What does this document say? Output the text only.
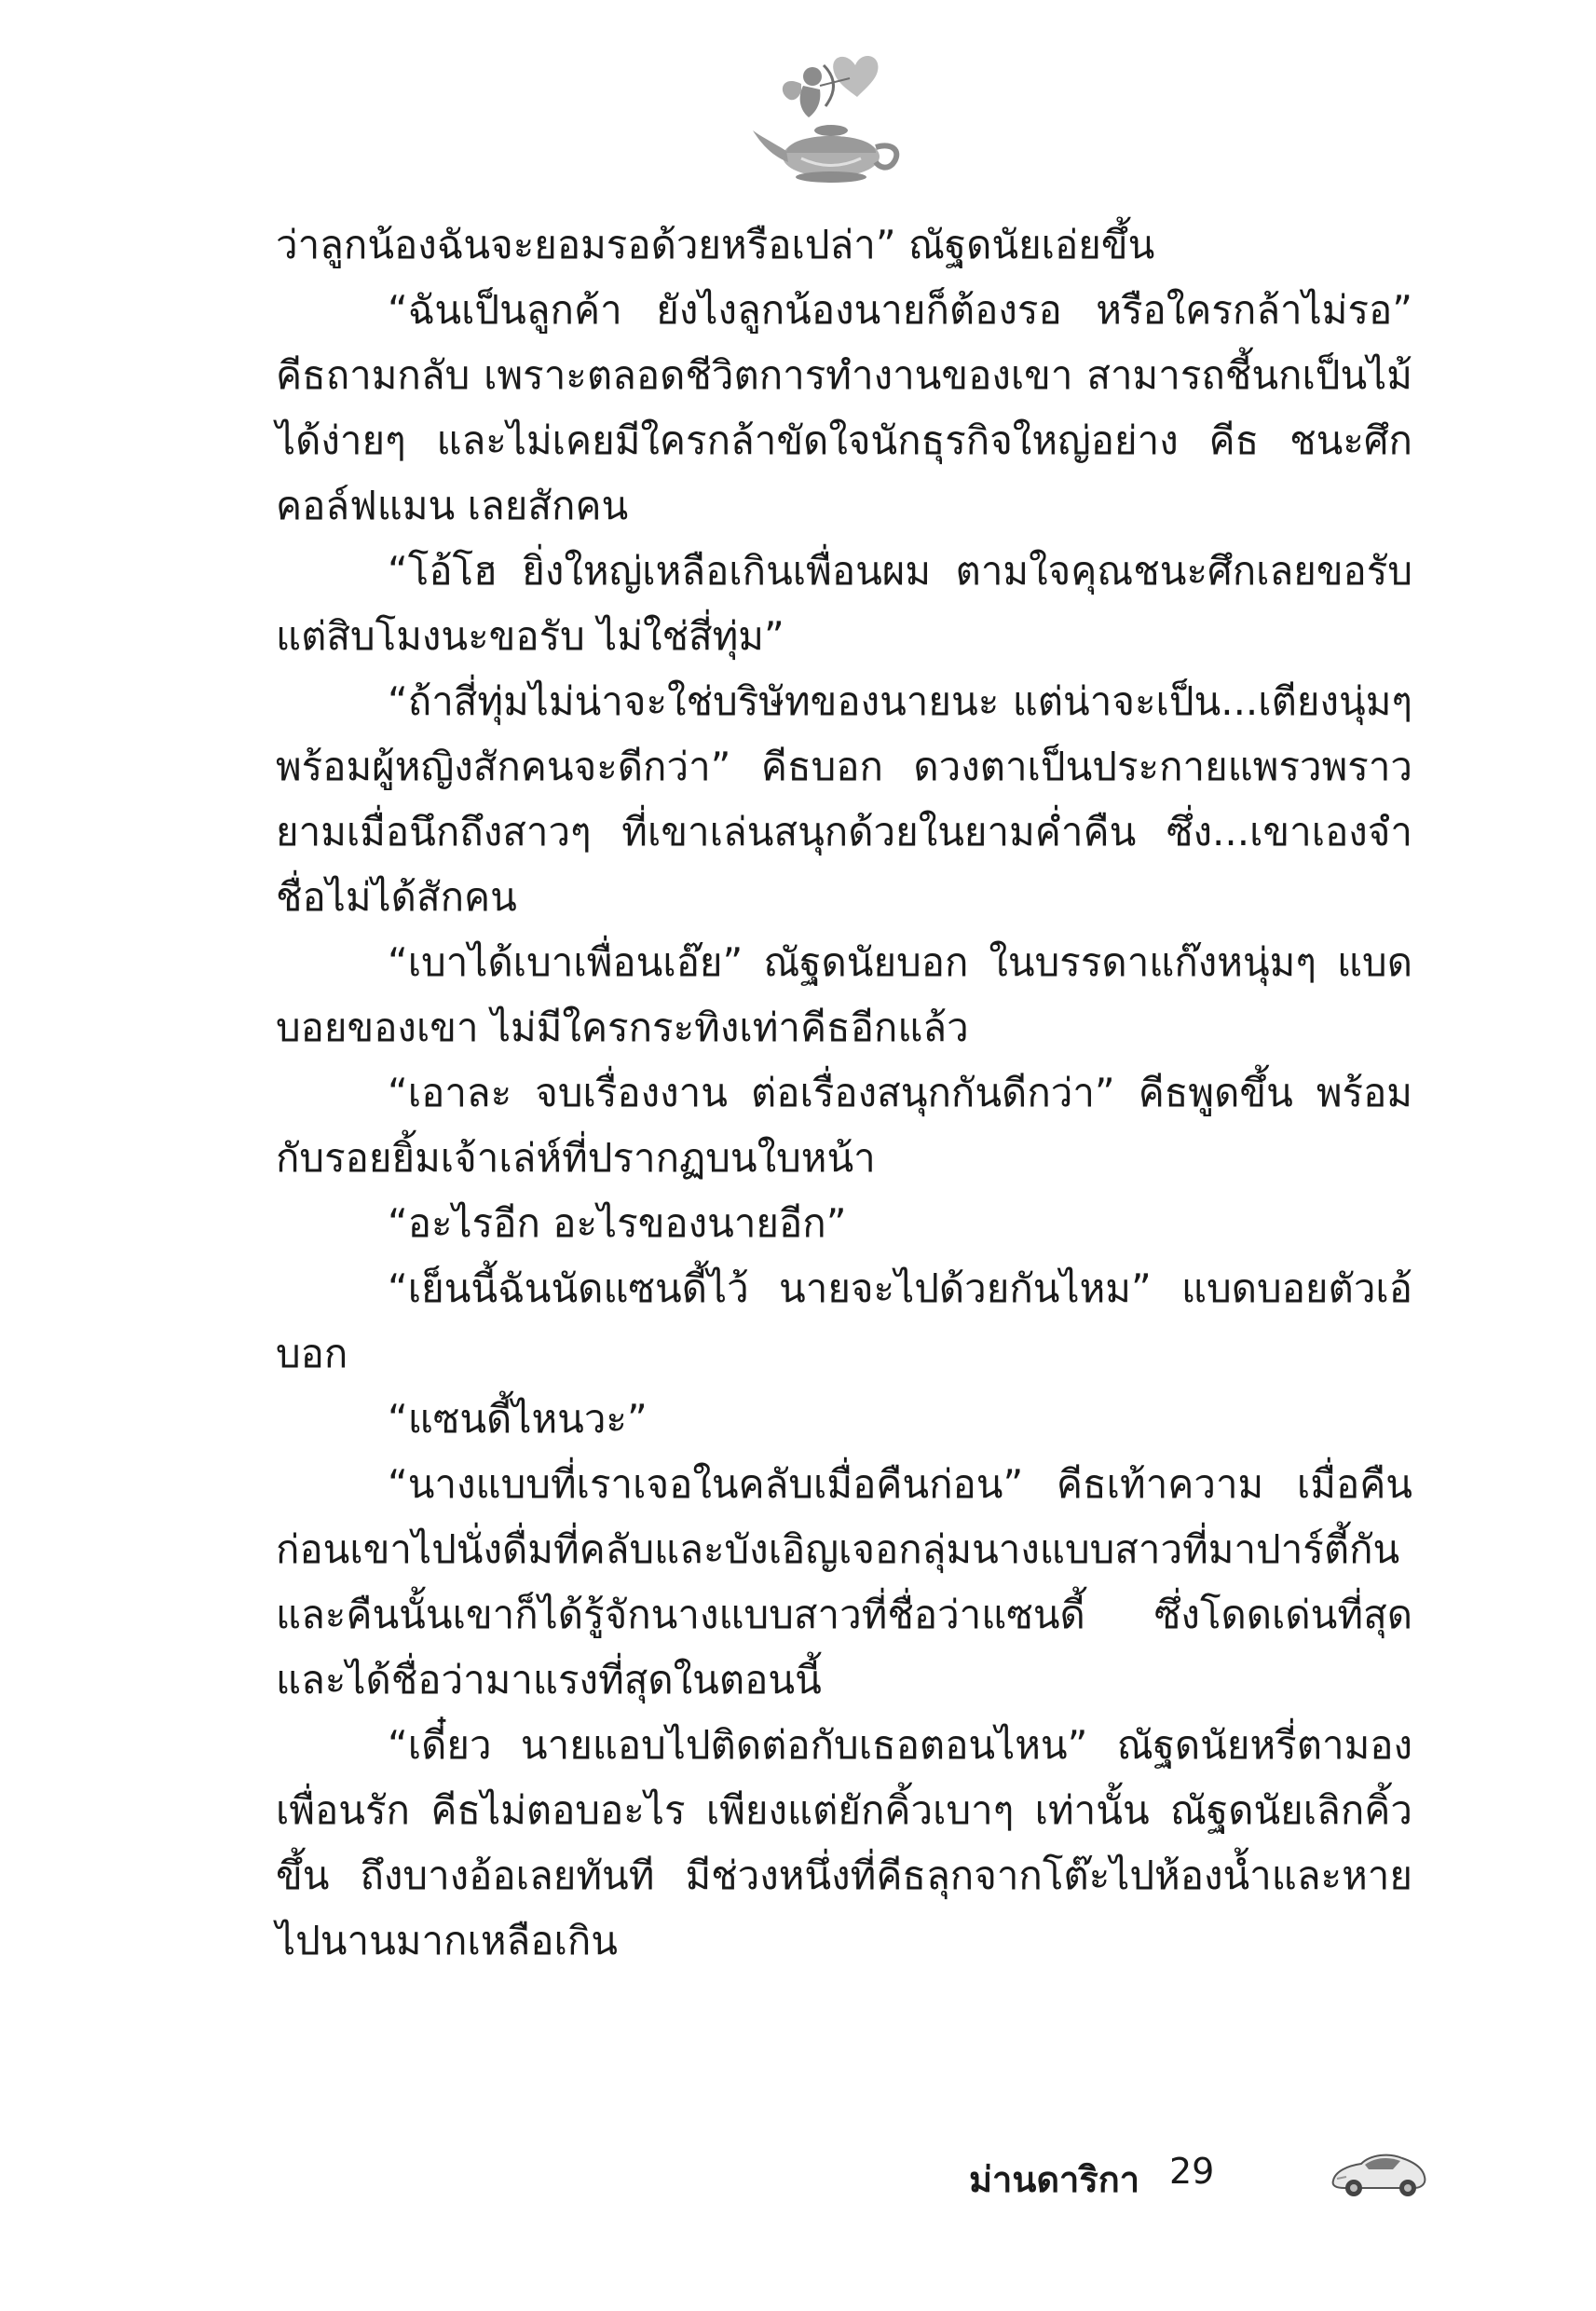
ว่าลูกน้องฉันจะยอมรอด้วยหรือเปล่า” ณัฐดนัยเอ่ยขึ้น

“ฉันเป็นลูกค้า ยังไงลูกน้องนายก็ต้องรอ หรือใครกล้าไม่รอ” คีธถามกลับ เพราะตลอดชีวิตการทำงานของเขา สามารถชี้นกเป็นไม้ได้ง่ายๆ และไม่เคยมีใครกล้าขัดใจนักธุรกิจใหญ่อย่าง คีธ ชนะศึก คอล์ฟแมน เลยสักคน

“โอ้โฮ ยิ่งใหญ่เหลือเกินเพื่อนผม ตามใจคุณชนะศึกเลยขอรับ แต่สิบโมงนะขอรับ ไม่ใช่สี่ทุ่ม”

“ถ้าสี่ทุ่มไม่น่าจะใช่บริษัทของนายนะ แต่น่าจะเป็น...เตียงนุ่มๆ พร้อมผู้หญิงสักคนจะดีกว่า” คีธบอก ดวงตาเป็นประกายแพรวพราว ยามเมื่อนึกถึงสาวๆ ที่เขาเล่นสนุกด้วยในยามค่ำคืน ซึ่ง...เขาเองจำชื่อไม่ได้สักคน

“เบาได้เบาเพื่อนเอ๊ย” ณัฐดนัยบอก ในบรรดาแก๊งหนุ่มๆ แบดบอยของเขา ไม่มีใครกระทิงเท่าคีธอีกแล้ว

“เอาละ จบเรื่องงาน ต่อเรื่องสนุกกันดีกว่า” คีธพูดขึ้น พร้อมกับรอยยิ้มเจ้าเล่ห์ที่ปรากฏบนใบหน้า

“อะไรอีก อะไรของนายอีก”

“เย็นนี้ฉันนัดแซนดี้ไว้ นายจะไปด้วยกันไหม” แบดบอยตัวเอ้บอก

“แซนดี้ไหนวะ”

“นางแบบที่เราเจอในคลับเมื่อคืนก่อน” คีธเท้าความ เมื่อคืนก่อนเขาไปนั่งดื่มที่คลับและบังเอิญเจอกลุ่มนางแบบสาวที่มาปาร์ตี้กัน และคืนนั้นเขาก็ได้รู้จักนางแบบสาวที่ชื่อว่าแซนดี้ ซึ่งโดดเด่นที่สุด และได้ชื่อว่ามาแรงที่สุดในตอนนี้

“เดี๋ยว นายแอบไปติดต่อกับเธอตอนไหน” ณัฐดนัยหรี่ตามองเพื่อนรัก คีธไม่ตอบอะไร เพียงแต่ยักคิ้วเบาๆ เท่านั้น ณัฐดนัยเลิกคิ้วขึ้น ถึงบางอ้อเลยทันที มีช่วงหนึ่งที่คีธลุกจากโต๊ะไปห้องน้ำและหายไปนานมากเหลือเกิน

ม่านดาริกา 29
